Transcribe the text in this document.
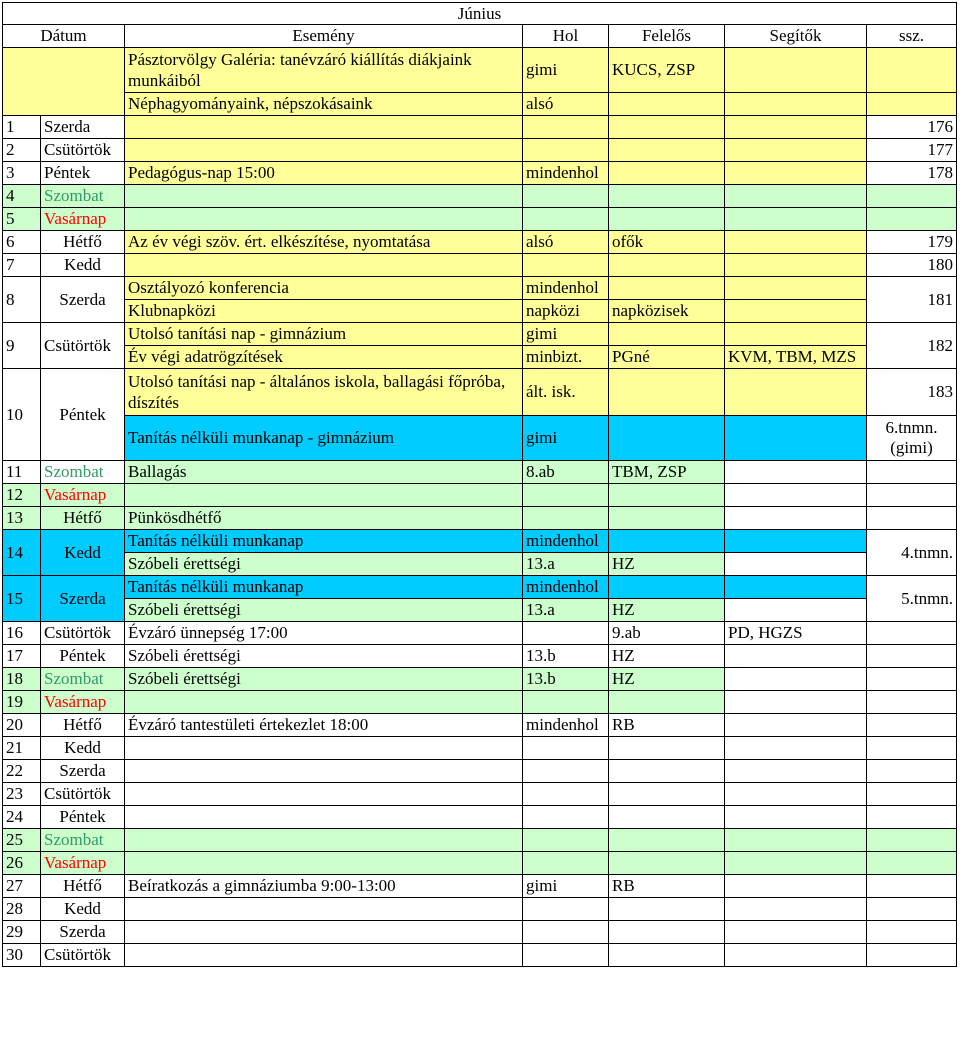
Június						
Dátum		Esemény	Hol	Felelős	Segítők	ssz.
		Pásztorvölgy Galéria: tanévzáró kiállítás diákjaink munkáiból	gimi	KUCS, ZSP		
		Néphagyományaink, népszokásaink	alsó			
1	Szerda					176
2	Csütörtök					177
3	Péntek	Pedagógus-nap 15:00	mindenhol			178
4	Szombat					
5	Vasárnap					
6	Hétfő	Az év végi szöv. ért. elkészítése, nyomtatása	alsó	ofők		179
7	Kedd					180
8	Szerda	Osztályozó konferencia	mindenhol			181
		Klubnapközi	napközi	napközisek		
9	Csütörtök	Utolsó tanítási nap - gimnázium	gimi			182
		Év végi adatrögzítések	minbizt.	PGné	KVM, TBM, MZS	
10	Péntek	Utolsó tanítási nap - általános iskola, ballagási főpróba, díszítés	ált. isk.			183
		Tanítás nélküli munkanap - gimnázium	gimi			6.tnmn. (gimi)
11	Szombat	Ballagás	8.ab	TBM, ZSP		
12	Vasárnap					
13	Hétfő	Pünkösdhétfő				
14	Kedd	Tanítás nélküli munkanap	mindenhol			4.tnmn.
		Szóbeli érettségi	13.a	HZ		
15	Szerda	Tanítás nélküli munkanap	mindenhol			5.tnmn.
		Szóbeli érettségi	13.a	HZ		
16	Csütörtök	Évzáró ünnepség 17:00		9.ab	PD, HGZS	
17	Péntek	Szóbeli érettségi	13.b	HZ		
18	Szombat	Szóbeli érettségi	13.b	HZ		
19	Vasárnap					
20	Hétfő	Évzáró tantestületi értekezlet 18:00	mindenhol	RB		
21	Kedd					
22	Szerda					
23	Csütörtök					
24	Péntek					
25	Szombat					
26	Vasárnap					
27	Hétfő	Beíratkozás a gimnáziumba 9:00-13:00	gimi	RB		
28	Kedd					
29	Szerda					
30	Csütörtök					
